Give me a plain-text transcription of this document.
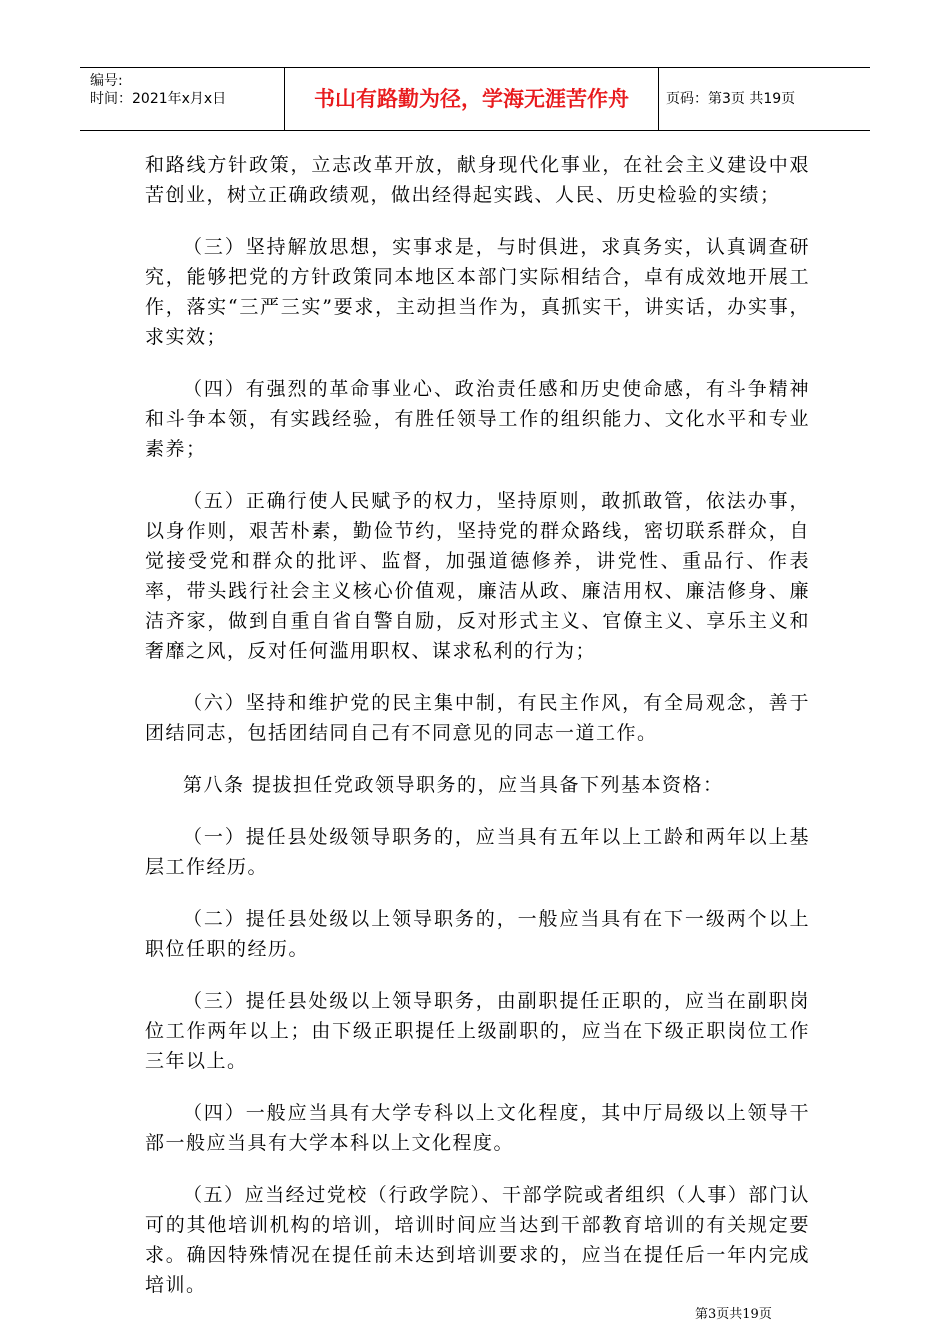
编号:
时间：2021年x月x日	书山有路勤为径，学海无涯苦作舟	页码：第3页 共19页

和路线方针政策，立志改革开放，献身现代化事业，在社会主义建设中艰苦创业，树立正确政绩观，做出经得起实践、人民、历史检验的实绩；

（三）坚持解放思想，实事求是，与时俱进，求真务实，认真调查研究，能够把党的方针政策同本地区本部门实际相结合，卓有成效地开展工作，落实“三严三实”要求，主动担当作为，真抓实干，讲实话，办实事，求实效；

（四）有强烈的革命事业心、政治责任感和历史使命感，有斗争精神和斗争本领，有实践经验，有胜任领导工作的组织能力、文化水平和专业素养；

（五）正确行使人民赋予的权力，坚持原则，敢抓敢管，依法办事，以身作则，艰苦朴素，勤俭节约，坚持党的群众路线，密切联系群众，自觉接受党和群众的批评、监督，加强道德修养，讲党性、重品行、作表率，带头践行社会主义核心价值观，廉洁从政、廉洁用权、廉洁修身、廉洁齐家，做到自重自省自警自励，反对形式主义、官僚主义、享乐主义和奢靡之风，反对任何滥用职权、谋求私利的行为；

（六）坚持和维护党的民主集中制，有民主作风，有全局观念，善于团结同志，包括团结同自己有不同意见的同志一道工作。

第八条 提拔担任党政领导职务的，应当具备下列基本资格：

（一）提任县处级领导职务的，应当具有五年以上工龄和两年以上基层工作经历。

（二）提任县处级以上领导职务的，一般应当具有在下一级两个以上职位任职的经历。

（三）提任县处级以上领导职务，由副职提任正职的，应当在副职岗位工作两年以上；由下级正职提任上级副职的，应当在下级正职岗位工作三年以上。

（四）一般应当具有大学专科以上文化程度，其中厅局级以上领导干部一般应当具有大学本科以上文化程度。

（五）应当经过党校（行政学院）、干部学院或者组织（人事）部门认可的其他培训机构的培训，培训时间应当达到干部教育培训的有关规定要求。确因特殊情况在提任前未达到培训要求的，应当在提任后一年内完成培训。

第3页共19页
